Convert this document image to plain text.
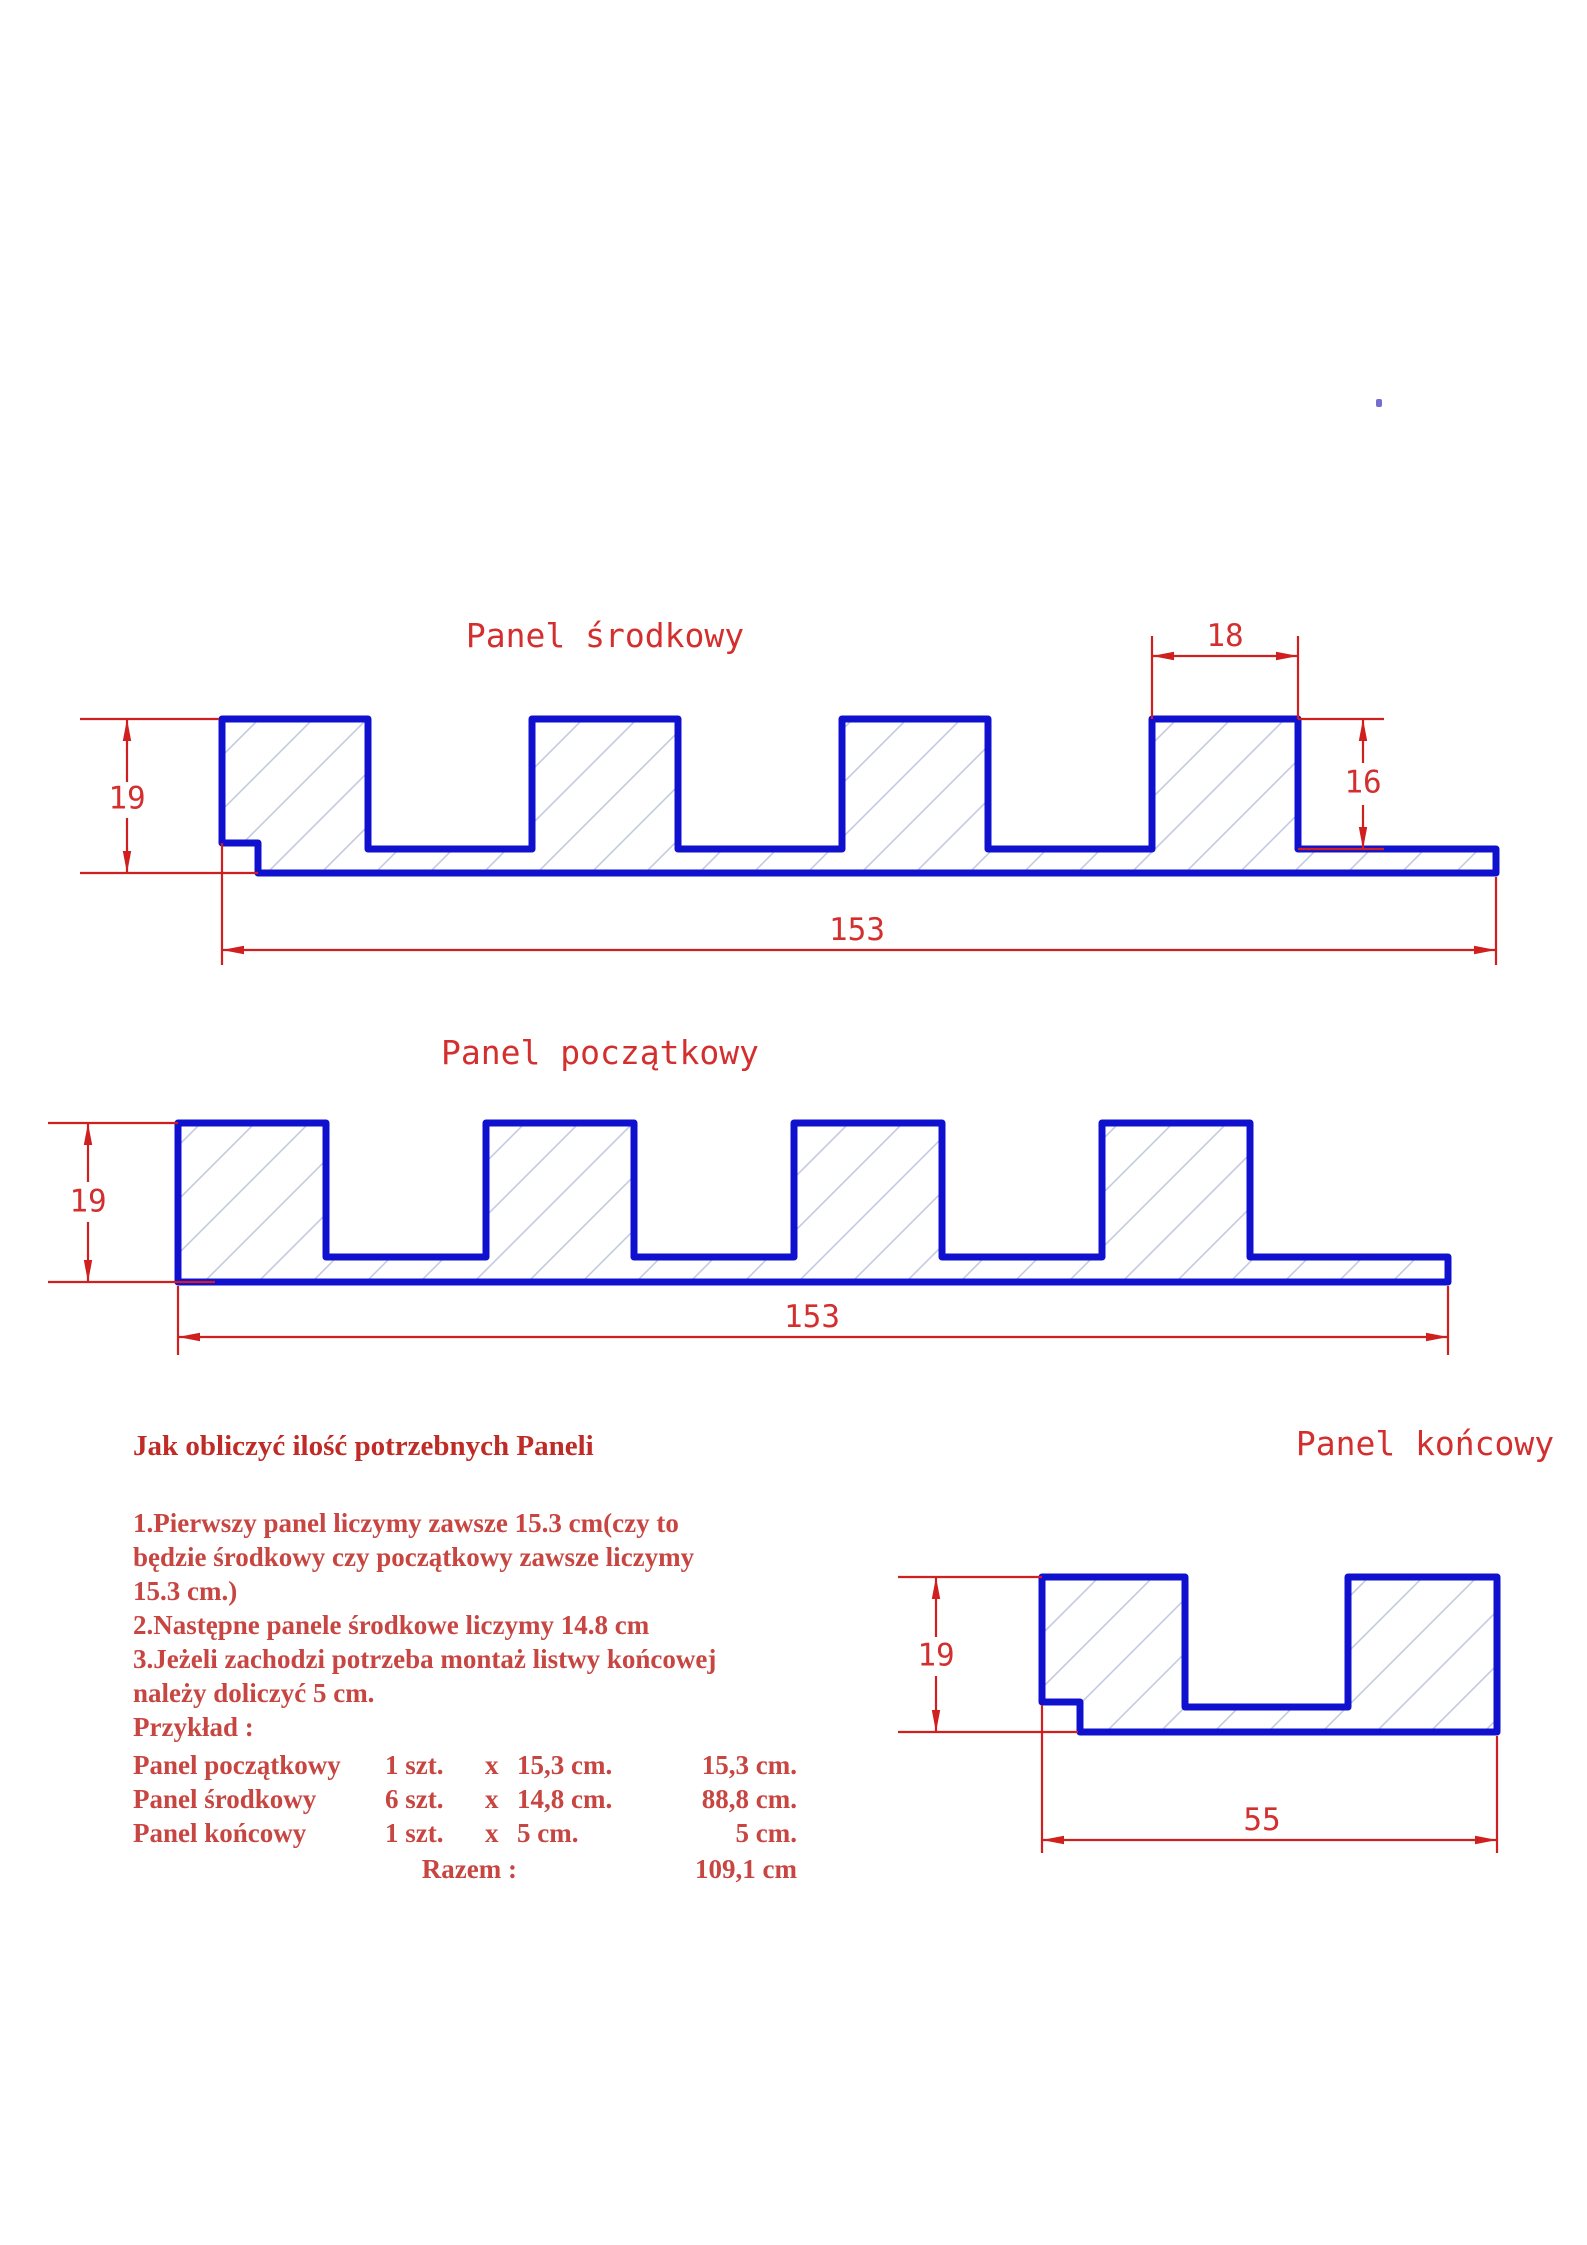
Panel środkowy
19
153
18
16
Panel początkowy
19
153
Panel końcowy
19
55
Jak obliczyć ilość potrzebnych Paneli
1.Pierwszy panel liczymy zawsze 15.3 cm(czy to
będzie środkowy czy początkowy zawsze liczymy
15.3 cm.)
2.Następne panele środkowe liczymy 14.8 cm
3.Jeżeli zachodzi potrzeba montaż listwy końcowej
należy doliczyć 5 cm.
Przykład :
Panel początkowy	1 szt.	x 15,3 cm.	15,3 cm.
Panel środkowy	6 szt.	x 14,8 cm.	88,8 cm.
Panel końcowy	1 szt.	x 5 cm.	5 cm.
Razem :	109,1 cm
